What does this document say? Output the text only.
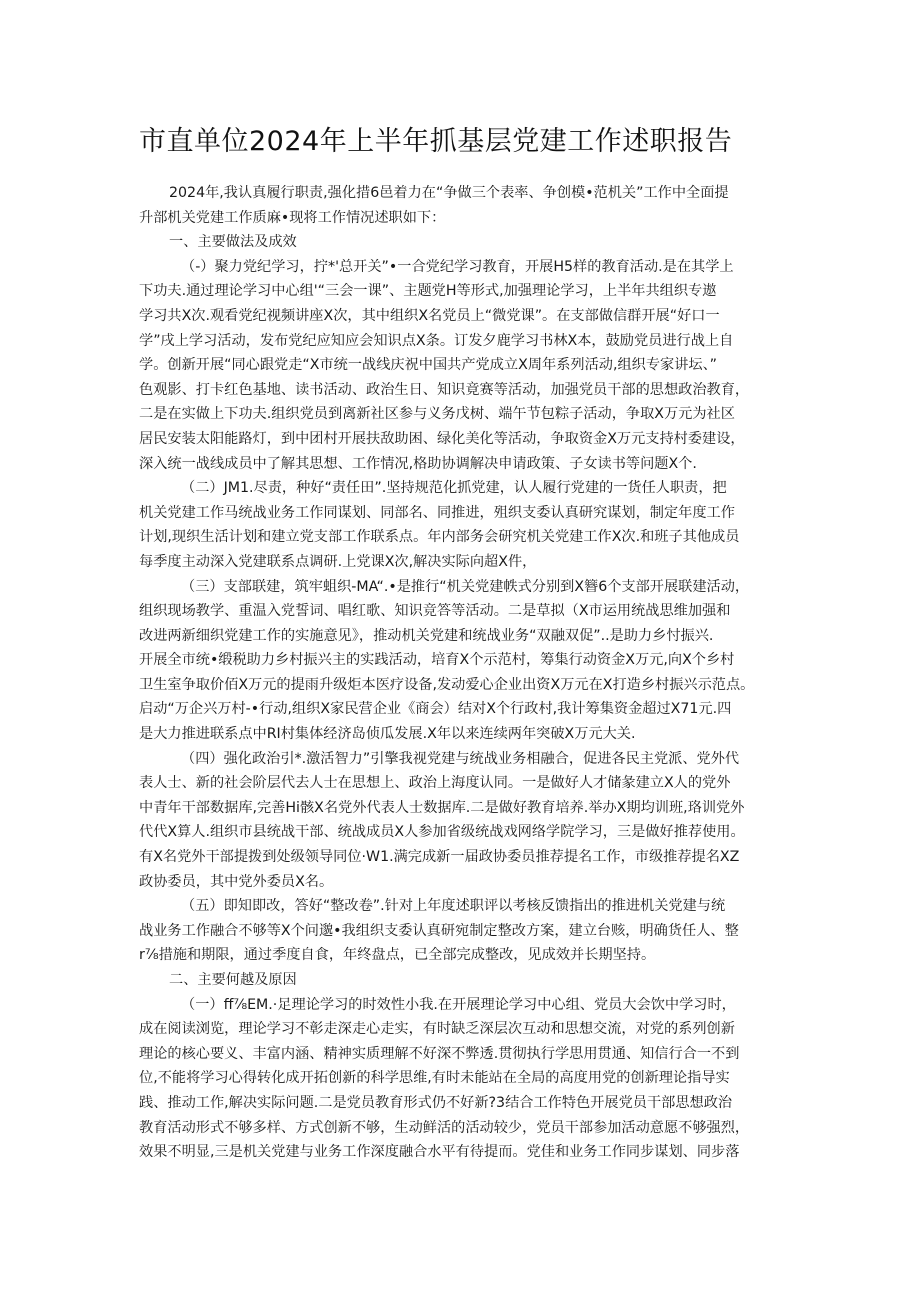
市直单位2024年上半年抓基层党建工作述职报告
2024年,我认真履行职责,强化措6邑着力在“争做三个表率、争创模•范机关”工作中全面提
升部机关党建工作质麻•现将工作情况述职如下：
一、主要做法及成效
（-）聚力党纪学习，拧*'总开关”•一合党纪学习教育，开展H5样的教育活动.是在其学上
下功夫.通过理论学习中心组'“三会一课”、主题党H等形式,加强理论学习，上半年共组织专遨
学习共X次.观看党纪视频讲座X次，其中组织X名党员上“微党课”。在支部做信群开展“好口一
学”戌上学习活动，发布党纪应知应会知识点X条。订发夕鹿学习书林X本，鼓励党员进行战上自
学。创新开展“同心跟党走“X市统一战线庆祝中国共产党成立X周年系列活动,组织专家讲坛、”
色观影、打卡红色基地、读书活动、政治生日、知识竟赛等活动，加强党员干部的思想政治教育，
二是在实做上下功夫.组织党员到离新社区参与义务戊树、端午节包粽子活动，争取X万元为社区
居民安装太阳能路灯，到中团村开展扶敌助困、绿化美化等活动，争取资金X万元支持村委建设，
深入统一战线成员中了解其思想、工作情况,格助协调解决申请政策、子女读书等问题X个.
（二）JM1.尽责，种好“责任田”.坚持规范化抓党建，认人履行党建的一货任人职责，把
机关党建工作马统战业务工作同谋划、同部名、同推进，殂织支委认真研究谋划，制定年度工作
计划,现织生活计划和建立党支部工作联系点。年内部务会研究机关党建工作X次.和班子其他成员
每季度主动深入党建联系点调研.上党课X次,解决实际向超X件，
（三）支部联建，筑牢蛆织-MA“.•是推行“机关党建帙式分别到X簪6个支部开展联建活动，
组织现场教学、重温入党誓词、唱红歌、知识竞答等活动。二是草拟（X市运用统战思维加强和
改进两新细织党建工作的实施意见》，推动机关党建和统战业务“双融双促”..是助力乡忖振兴.
开展全市统•缎税助力乡村振兴主的实践活动，培育X个示范村，筹集行动资金X万元,向X个乡村
卫生室争取价佰X万元的提雨升级炬本医疗设备,发动爱心企业出资X万元在X打造乡村振兴示范点。
启动“万企兴万村-•行动,组织X家民营企业《商会）结对X个行政村,我计筹集资金超过X71元.四
是大力推进联系点中RI村集体经济岛侦瓜发展.X年以来连续两年突破X万元大关.
（四）强化政治引*.激活智力”引擎我视党建与统战业务相融合，促进各民主党派、党外代
表人士、新的社会阶层代去人士在思想上、政治上海度认同。一是做好人才储彖建立X人的党外
中青年干部数据库,完善Hi骸X名党外代表人士数据库.二是做好教育培养.举办X期均训班,珞训党外
代代X算人.组织市县统战干部、统战成员X人参加省级统战戏网络学院学习，三是做好推荐使用。
有X名党外干部提拨到处级领导同位·W1.满完成新一届政协委员推荐提名工作，市级推荐提名XZ
政协委员，其中党外委员X名。
（五）即知即改，答好“整改卷”.针对上年度述职评以考核反馈指出的推进机关党建与统
战业务工作融合不够等X个问邈•我组织支委认真研宛制定整改方案，建立台赅，明确货任人、整
r⅞措施和期限，通过季度自食，年终盘点，已全部完成整改，见成效并长期坚持。
二、主要何越及原因
（一）ff⅞EM.·足理论学习的时效性小我.在开展理论学习中心组、党员大会饮中学习时，
成在阅读浏览，理论学习不彰走深走心走实，有时缺乏深层次互动和思想交流，对党的系列创新
理论的核心要义、丰富内涵、精神实质理解不好深不弊透.贯彻执行学思用贯通、知信行合一不到
位,不能将学习心得转化成开拓创新的科学思维,有时未能站在全局的高度用党的创新理论指导实
践、推动工作,解决实际问题.二是党员教育形式仍不好新?3结合工作特色开展党员干部思想政治
教育活动形式不够多样、方式创新不够，生动鲜活的活动较少，党员干部参加活动意愿不够强烈，
效果不明显,三是机关党建与业务工作深度融合水平有待提而。党佳和业务工作同步谋划、同步落
